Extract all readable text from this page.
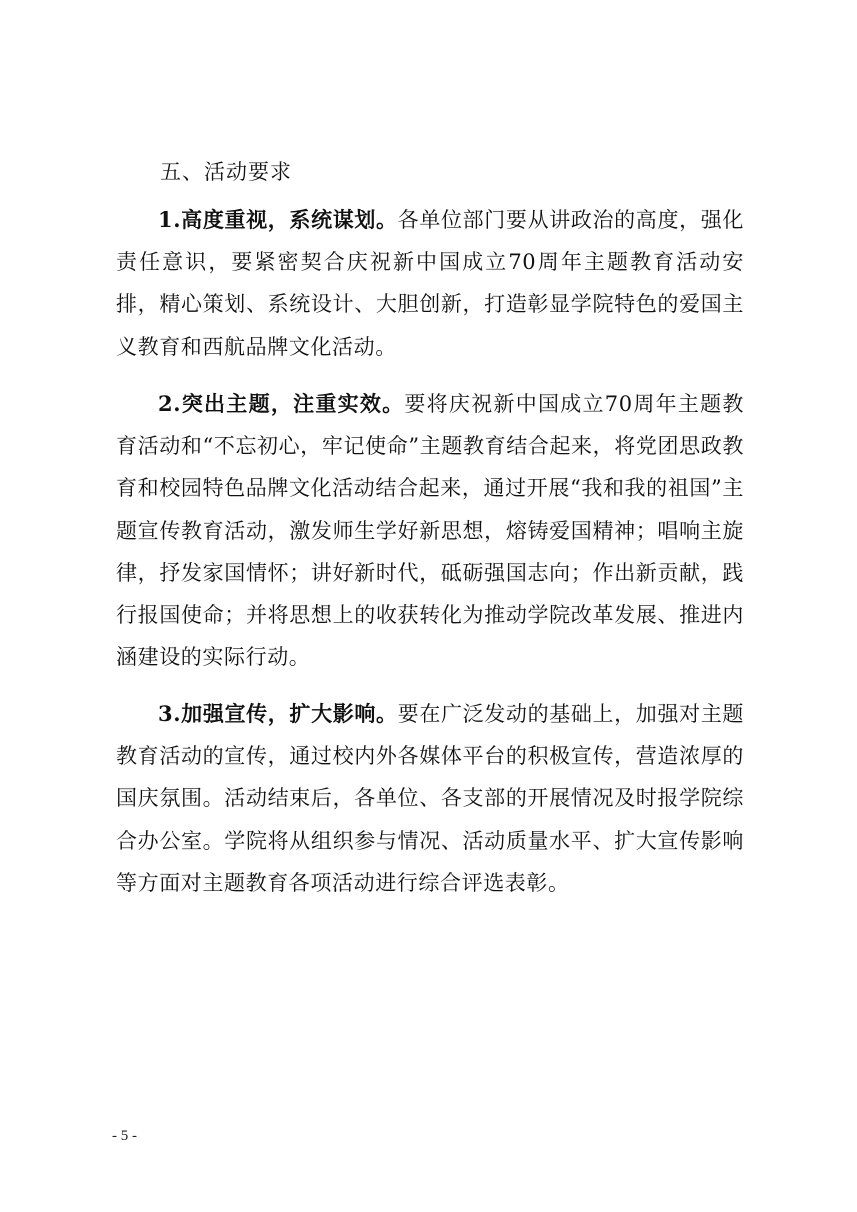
五、活动要求

1.高度重视，系统谋划。各单位部门要从讲政治的高度，强化责任意识，要紧密契合庆祝新中国成立70周年主题教育活动安排，精心策划、系统设计、大胆创新，打造彰显学院特色的爱国主义教育和西航品牌文化活动。

2.突出主题，注重实效。要将庆祝新中国成立70周年主题教育活动和“不忘初心，牢记使命”主题教育结合起来，将党团思政教育和校园特色品牌文化活动结合起来，通过开展“我和我的祖国”主题宣传教育活动，激发师生学好新思想，熔铸爱国精神；唱响主旋律，抒发家国情怀；讲好新时代，砥砺强国志向；作出新贡献，践行报国使命；并将思想上的收获转化为推动学院改革发展、推进内涵建设的实际行动。

3.加强宣传，扩大影响。要在广泛发动的基础上，加强对主题教育活动的宣传，通过校内外各媒体平台的积极宣传，营造浓厚的国庆氛围。活动结束后，各单位、各支部的开展情况及时报学院综合办公室。学院将从组织参与情况、活动质量水平、扩大宣传影响等方面对主题教育各项活动进行综合评选表彰。

- 5 -
